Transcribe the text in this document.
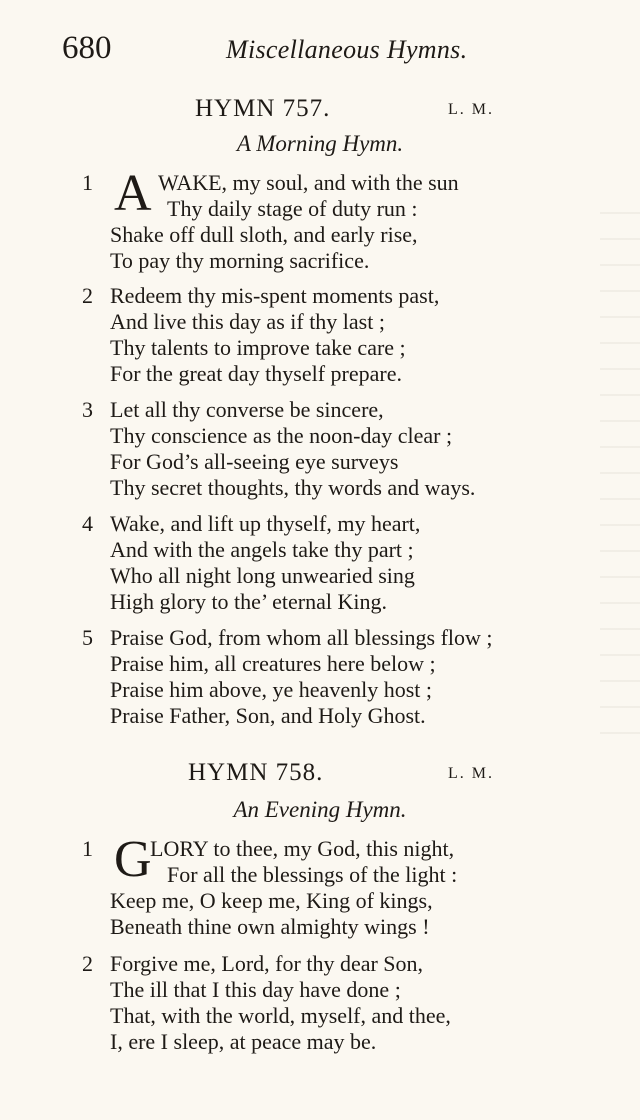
680	Miscellaneous Hymns.
HYMN 757.	L. M.
A Morning Hymn.
1 A WAKE, my soul, and with the sun
Thy daily stage of duty run :
Shake off dull sloth, and early rise,
To pay thy morning sacrifice.
2 Redeem thy mis-spent moments past,
And live this day as if thy last ;
Thy talents to improve take care ;
For the great day thyself prepare.
3 Let all thy converse be sincere,
Thy conscience as the noon-day clear ;
For God’s all-seeing eye surveys
Thy secret thoughts, thy words and ways.
4 Wake, and lift up thyself, my heart,
And with the angels take thy part ;
Who all night long unwearied sing
High glory to the’ eternal King.
5 Praise God, from whom all blessings flow ;
Praise him, all creatures here below ;
Praise him above, ye heavenly host ;
Praise Father, Son, and Holy Ghost.
HYMN 758.	L. M.
An Evening Hymn.
1 G
LORY to thee, my God, this night,
For all the blessings of the light :
Keep me, O keep me, King of kings,
Beneath thine own almighty wings !
2 Forgive me, Lord, for thy dear Son,
The ill that I this day have done ;
That, with the world, myself, and thee,
I, ere I sleep, at peace may be.
